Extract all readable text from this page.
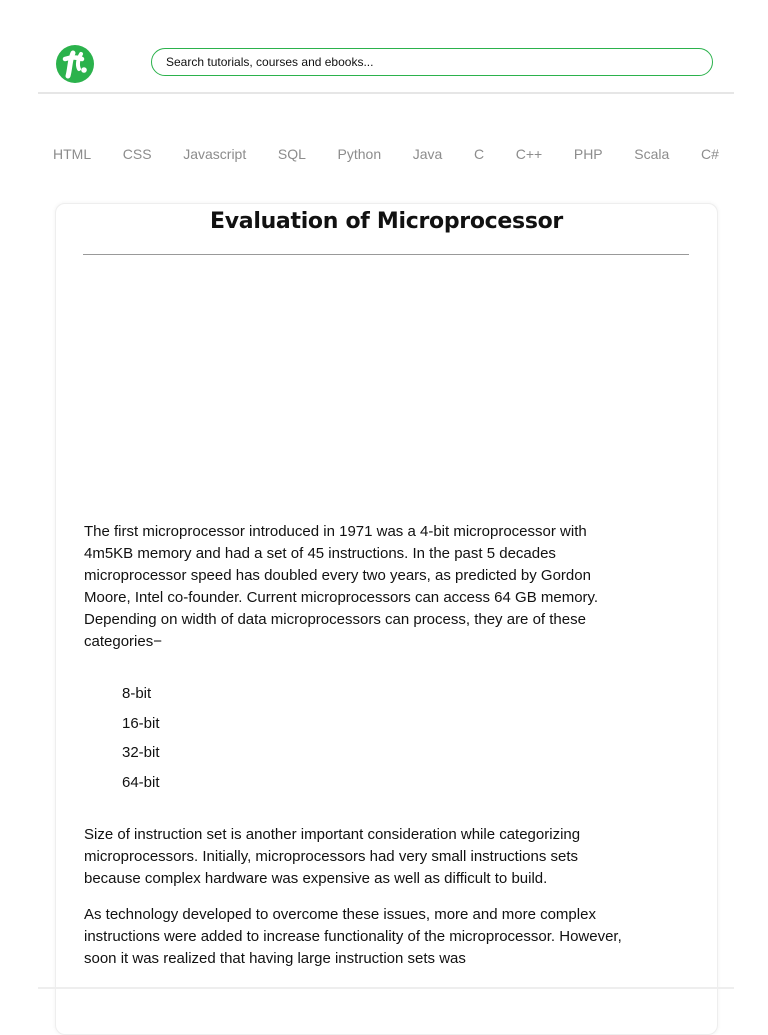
Search tutorials, courses and ebooks...
HTML CSS Javascript SQL Python Java C C++ PHP Scala C#
Evaluation of Microprocessor

The first microprocessor introduced in 1971 was a 4-bit microprocessor with 4m5KB memory and had a set of 45 instructions. In the past 5 decades microprocessor speed has doubled every two years, as predicted by Gordon Moore, Intel co-founder. Current microprocessors can access 64 GB memory. Depending on width of data microprocessors can process, they are of these categories−

8-bit
16-bit
32-bit
64-bit

Size of instruction set is another important consideration while categorizing microprocessors. Initially, microprocessors had very small instructions sets because complex hardware was expensive as well as difficult to build.

As technology developed to overcome these issues, more and more complex instructions were added to increase functionality of the microprocessor. However, soon it was realized that having large instruction sets was
